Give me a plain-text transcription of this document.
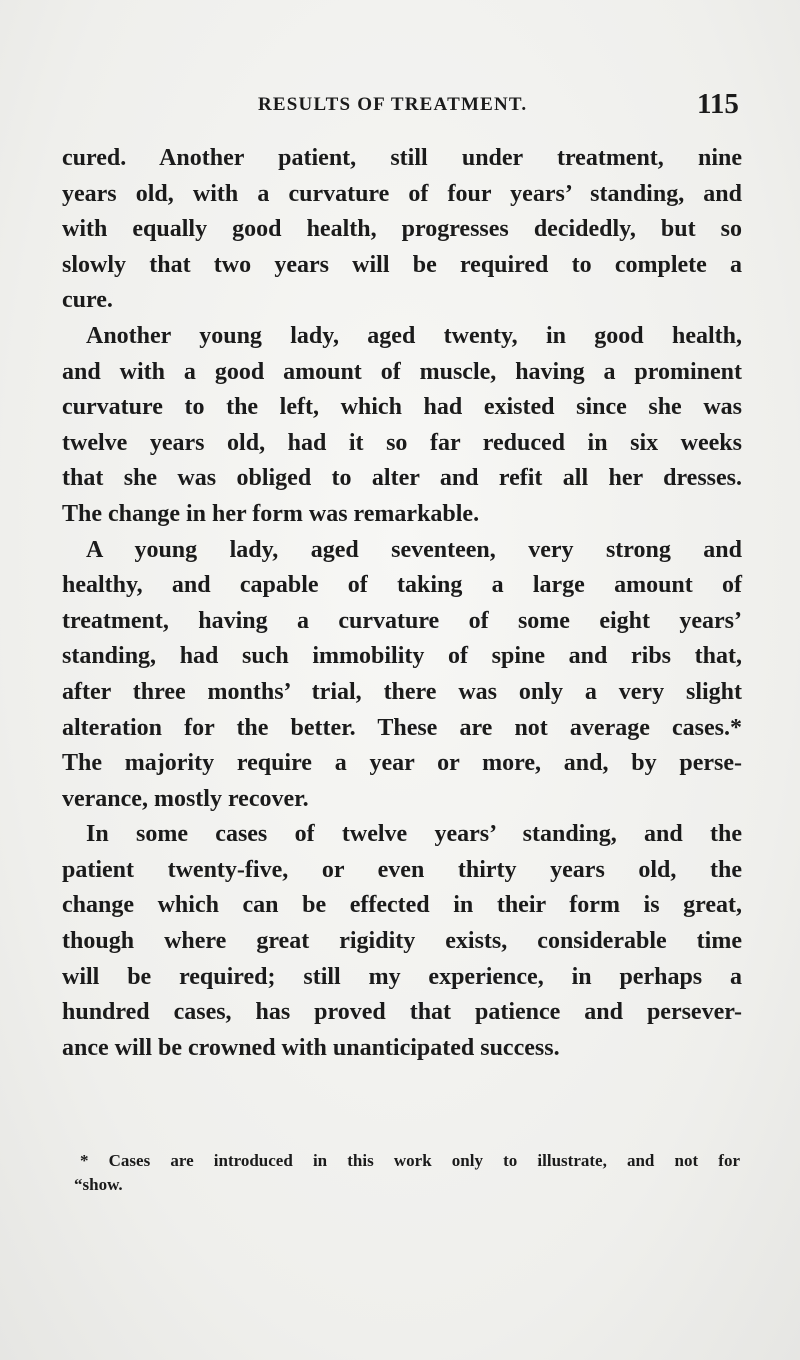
RESULTS OF TREATMENT.	115
cured. Another patient, still under treatment, nine
years old, with a curvature of four years’ standing, and
with equally good health, progresses decidedly, but so
slowly that two years will be required to complete a
cure.
Another young lady, aged twenty, in good health,
and with a good amount of muscle, having a prominent
curvature to the left, which had existed since she was
twelve years old, had it so far reduced in six weeks
that she was obliged to alter and refit all her dresses.
The change in her form was remarkable.
A young lady, aged seventeen, very strong and
healthy, and capable of taking a large amount of
treatment, having a curvature of some eight years’
standing, had such immobility of spine and ribs that,
after three months’ trial, there was only a very slight
alteration for the better. These are not average cases.*
The majority require a year or more, and, by perse-
verance, mostly recover.
In some cases of twelve years’ standing, and the
patient twenty-five, or even thirty years old, the
change which can be effected in their form is great,
though where great rigidity exists, considerable time
will be required; still my experience, in perhaps a
hundred cases, has proved that patience and persever-
ance will be crowned with unanticipated success.
* Cases are introduced in this work only to illustrate, and not for
“show.
